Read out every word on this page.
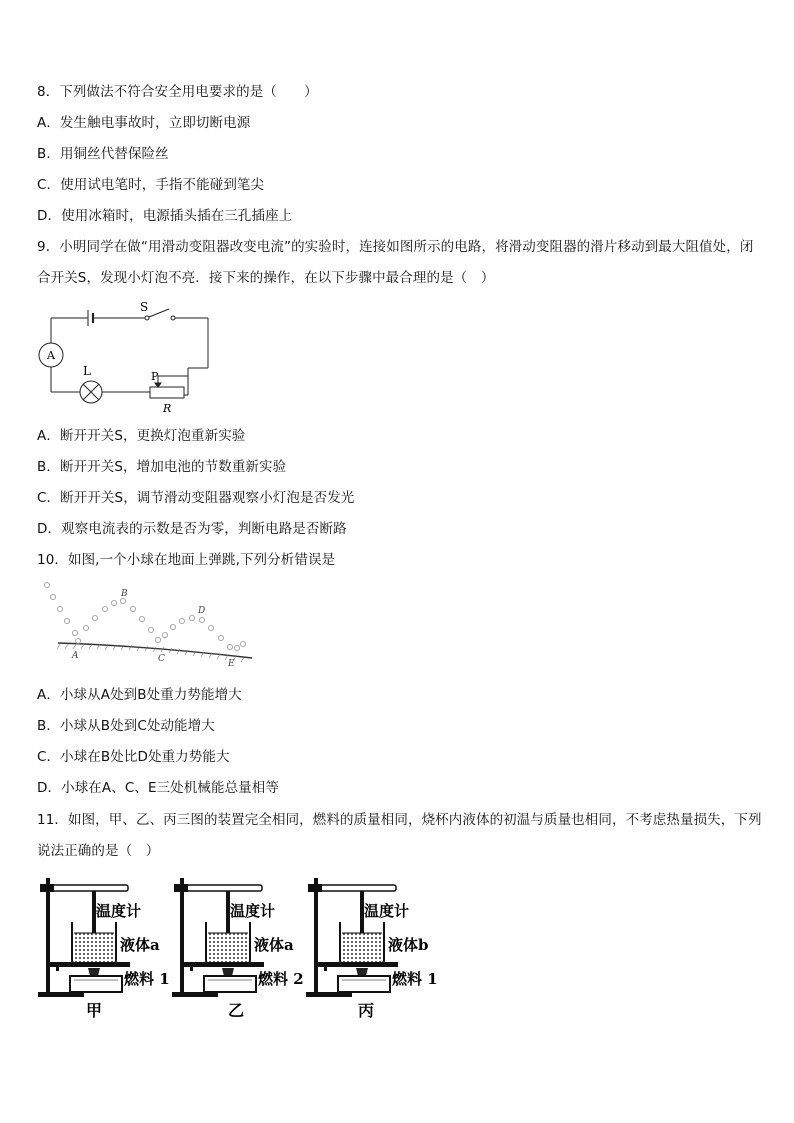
8．下列做法不符合安全用电要求的是（　　）
A．发生触电事故时，立即切断电源
B．用铜丝代替保险丝
C．使用试电笔时，手指不能碰到笔尖
D．使用冰箱时，电源插头插在三孔插座上
9．小明同学在做“用滑动变阻器改变电流”的实验时，连接如图所示的电路，将滑动变阻器的滑片移动到最大阻值处，闭合开关S，发现小灯泡不亮．接下来的操作，在以下步骤中最合理的是（　）
A
S
L	P
R
A．断开开关S，更换灯泡重新实验
B．断开开关S，增加电池的节数重新实验
C．断开开关S，调节滑动变阻器观察小灯泡是否发光
D．观察电流表的示数是否为零，判断电路是否断路
10．如图,一个小球在地面上弹跳,下列分析错误是
A
B
C
D
E
A．小球从A处到B处重力势能增大
B．小球从B处到C处动能增大
C．小球在B处比D处重力势能大
D．小球在A、C、E三处机械能总量相等
11．如图，甲、乙、丙三图的装置完全相同，燃料的质量相同，烧杯内液体的初温与质量也相同，不考虑热量损失，下列说法正确的是（　）
温度计
液体a
燃料 1
甲
温度计
液体a
燃料 2
乙
温度计
液体b
燃料 1
丙
